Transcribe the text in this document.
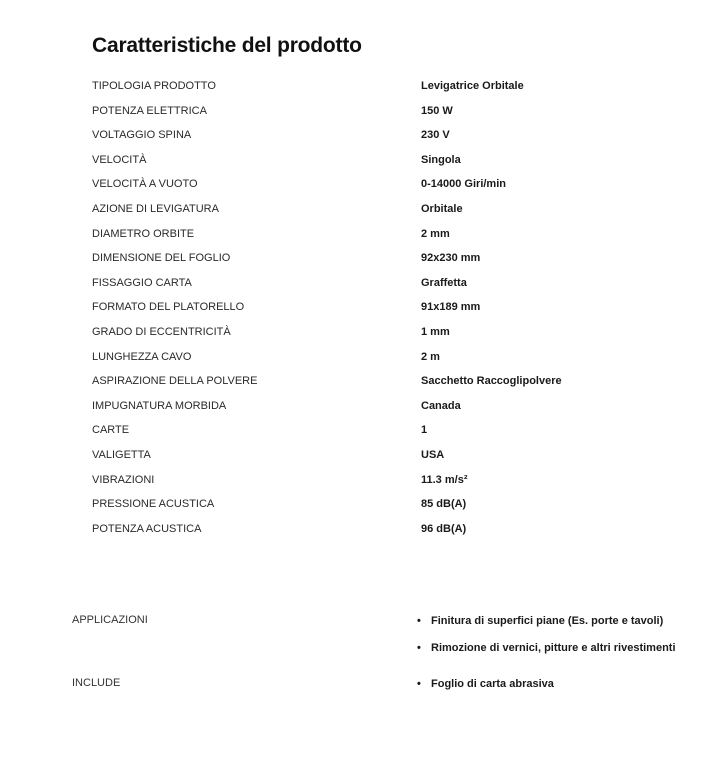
Caratteristiche del prodotto
TIPOLOGIA PRODOTTO	Levigatrice Orbitale
POTENZA ELETTRICA	150 W
VOLTAGGIO SPINA	230 V
VELOCITÀ	Singola
VELOCITÀ A VUOTO	0-14000 Giri/min
AZIONE DI LEVIGATURA	Orbitale
DIAMETRO ORBITE	2 mm
DIMENSIONE DEL FOGLIO	92x230 mm
FISSAGGIO CARTA	Graffetta
FORMATO DEL PLATORELLO	91x189 mm
GRADO DI ECCENTRICITÀ	1 mm
LUNGHEZZA CAVO	2 m
ASPIRAZIONE DELLA POLVERE	Sacchetto Raccoglipolvere
IMPUGNATURA MORBIDA	Canada
CARTE	1
VALIGETTA	USA
VIBRAZIONI	11.3 m/s²
PRESSIONE ACUSTICA	85 dB(A)
POTENZA ACUSTICA	96 dB(A)
APPLICAZIONI	• Finitura di superfici piane (Es. porte e tavoli)
• Rimozione di vernici, pitture e altri rivestimenti
INCLUDE	• Foglio di carta abrasiva
